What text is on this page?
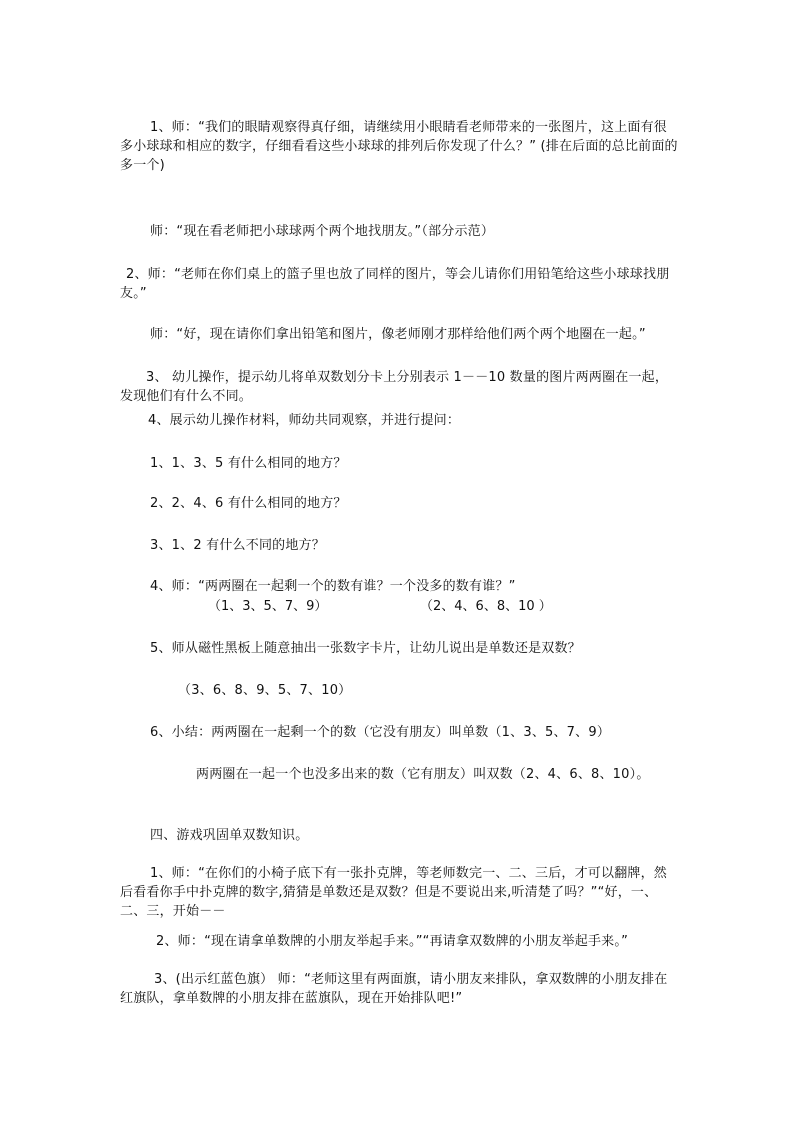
1、师：“我们的眼睛观察得真仔细，请继续用小眼睛看老师带来的一张图片，这上面有很多小球球和相应的数字，仔细看看这些小球球的排列后你发现了什么？” (排在后面的总比前面的多一个)

师：“现在看老师把小球球两个两个地找朋友。”（部分示范）

2、师：“老师在你们桌上的篮子里也放了同样的图片，等会儿请你们用铅笔给这些小球球找朋友。”

师：“好，现在请你们拿出铅笔和图片，像老师刚才那样给他们两个两个地圈在一起。”

3、 幼儿操作，提示幼儿将单双数划分卡上分别表示 1－－10 数量的图片两两圈在一起，发现他们有什么不同。

4、展示幼儿操作材料，师幼共同观察，并进行提问：

1、1、3、5 有什么相同的地方？

2、2、4、6 有什么相同的地方？

3、1、2 有什么不同的地方？

4、师：“两两圈在一起剩一个的数有谁？一个没多的数有谁？”

（1、3、5、7、9）	（2、4、6、8、10 ）

5、师从磁性黑板上随意抽出一张数字卡片，让幼儿说出是单数还是双数？

（3、6、8、9、5、7、10）

6、小结：两两圈在一起剩一个的数（它没有朋友）叫单数（1、3、5、7、9）

两两圈在一起一个也没多出来的数（它有朋友）叫双数（2、4、6、8、10）。

四、游戏巩固单双数知识。

1、师：“在你们的小椅子底下有一张扑克牌，等老师数完一、二、三后，才可以翻牌，然后看看你手中扑克牌的数字,猜猜是单数还是双数？但是不要说出来,听清楚了吗？”“好，一、二、三，开始－－

2、师：“现在请拿单数牌的小朋友举起手来。”“再请拿双数牌的小朋友举起手来。”

3、(出示红蓝色旗） 师：“老师这里有两面旗，请小朋友来排队，拿双数牌的小朋友排在红旗队，拿单数牌的小朋友排在蓝旗队，现在开始排队吧!”
